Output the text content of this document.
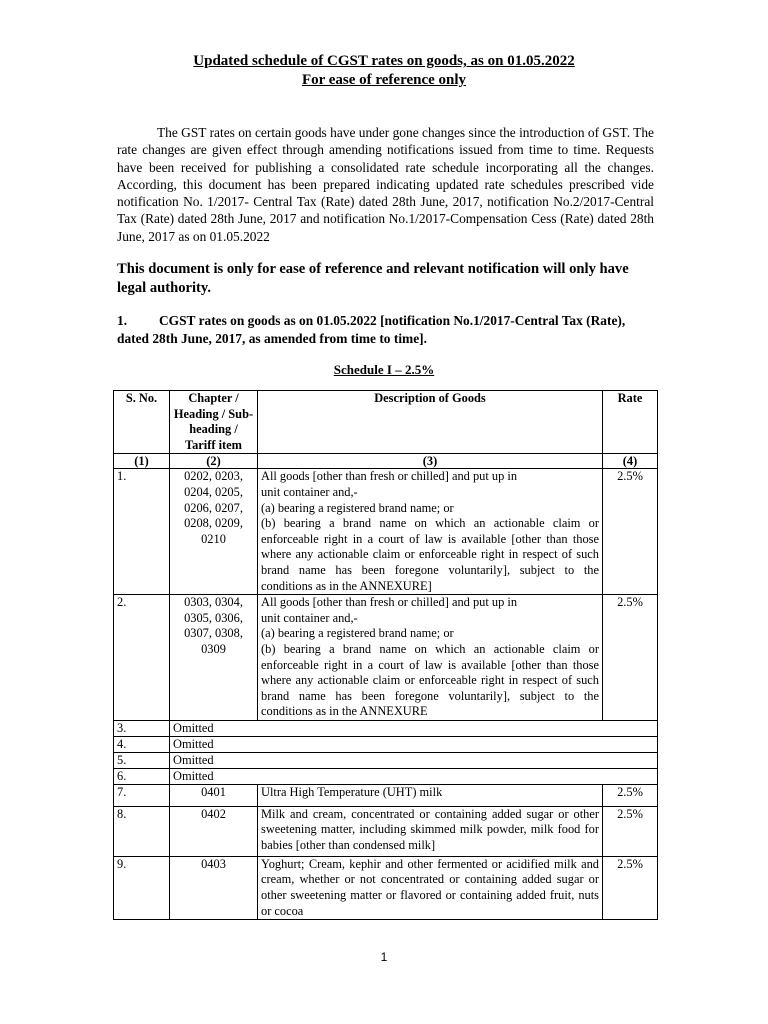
Updated schedule of CGST rates on goods, as on 01.05.2022
For ease of reference only

The GST rates on certain goods have under gone changes since the introduction of GST. The rate changes are given effect through amending notifications issued from time to time. Requests have been received for publishing a consolidated rate schedule incorporating all the changes. According, this document has been prepared indicating updated rate schedules prescribed vide notification No. 1/2017- Central Tax (Rate) dated 28th June, 2017, notification No.2/2017-Central Tax (Rate) dated 28th June, 2017 and notification No.1/2017-Compensation Cess (Rate) dated 28th June, 2017 as on 01.05.2022

This document is only for ease of reference and relevant notification will only have legal authority.

1. CGST rates on goods as on 01.05.2022 [notification No.1/2017-Central Tax (Rate), dated 28th June, 2017, as amended from time to time].

Schedule I – 2.5%
S. No.	Chapter / Heading / Sub-heading / Tariff item	Description of Goods	Rate
(1)	(2)	(3)	(4)
1.	0202, 0203, 0204, 0205, 0206, 0207, 0208, 0209, 0210	All goods [other than fresh or chilled] and put up in
unit container and,-
(a) bearing a registered brand name; or
(b) bearing a brand name on which an actionable claim or enforceable right in a court of law is available [other than those where any actionable claim or enforceable right in respect of such brand name has been foregone voluntarily], subject to the conditions as in the ANNEXURE]	2.5%
2.	0303, 0304, 0305, 0306, 0307, 0308, 0309	All goods [other than fresh or chilled] and put up in
unit container and,-
(a) bearing a registered brand name; or
(b) bearing a brand name on which an actionable claim or enforceable right in a court of law is available [other than those where any actionable claim or enforceable right in respect of such brand name has been foregone voluntarily], subject to the conditions as in the ANNEXURE	2.5%
3.	Omitted		
4.	Omitted		
5.	Omitted		
6.	Omitted		
7.	0401	Ultra High Temperature (UHT) milk	2.5%
8.	0402	Milk and cream, concentrated or containing added sugar or other sweetening matter, including skimmed milk powder, milk food for babies [other than condensed milk]	2.5%
9.	0403	Yoghurt; Cream, kephir and other fermented or acidified milk and cream, whether or not concentrated or containing added sugar or other sweetening matter or flavored or containing added fruit, nuts or cocoa	2.5%
1
